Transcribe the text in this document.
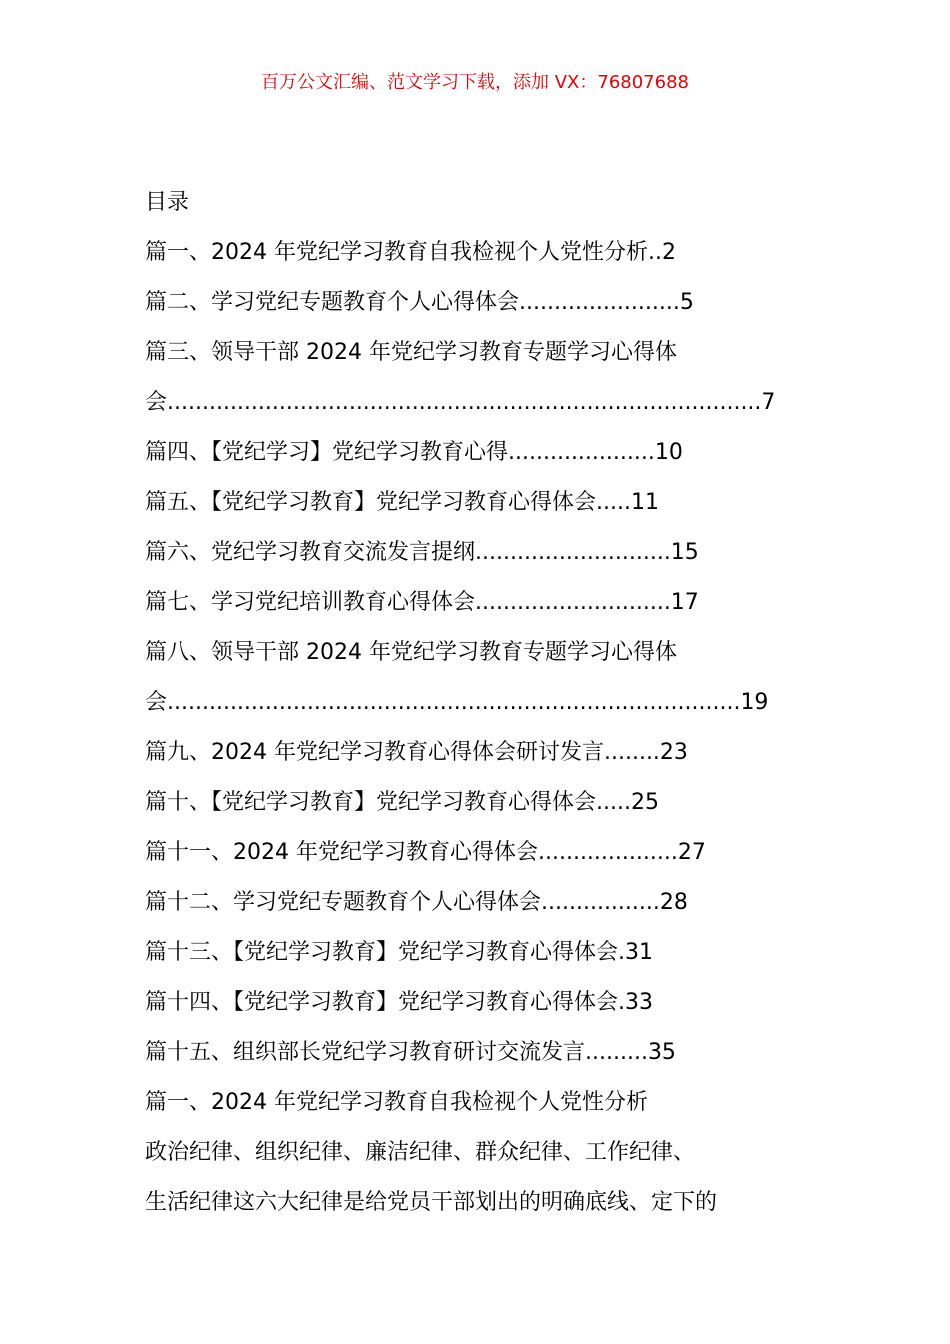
百万公文汇编、范文学习下载，添加 VX：76807688
目录
篇一、2024 年党纪学习教育自我检视个人党性分析..2
篇二、学习党纪专题教育个人心得体会.......................5
篇三、领导干部 2024 年党纪学习教育专题学习心得体
会.....................................................................................7
篇四、【党纪学习】党纪学习教育心得.....................10
篇五、【党纪学习教育】党纪学习教育心得体会.....11
篇六、党纪学习教育交流发言提纲............................15
篇七、学习党纪培训教育心得体会............................17
篇八、领导干部 2024 年党纪学习教育专题学习心得体
会..................................................................................19
篇九、2024 年党纪学习教育心得体会研讨发言........23
篇十、【党纪学习教育】党纪学习教育心得体会.....25
篇十一、2024 年党纪学习教育心得体会....................27
篇十二、学习党纪专题教育个人心得体会.................28
篇十三、【党纪学习教育】党纪学习教育心得体会.31
篇十四、【党纪学习教育】党纪学习教育心得体会.33
篇十五、组织部长党纪学习教育研讨交流发言.........35
篇一、2024 年党纪学习教育自我检视个人党性分析
政治纪律、组织纪律、廉洁纪律、群众纪律、工作纪律、
生活纪律这六大纪律是给党员干部划出的明确底线、定下的
